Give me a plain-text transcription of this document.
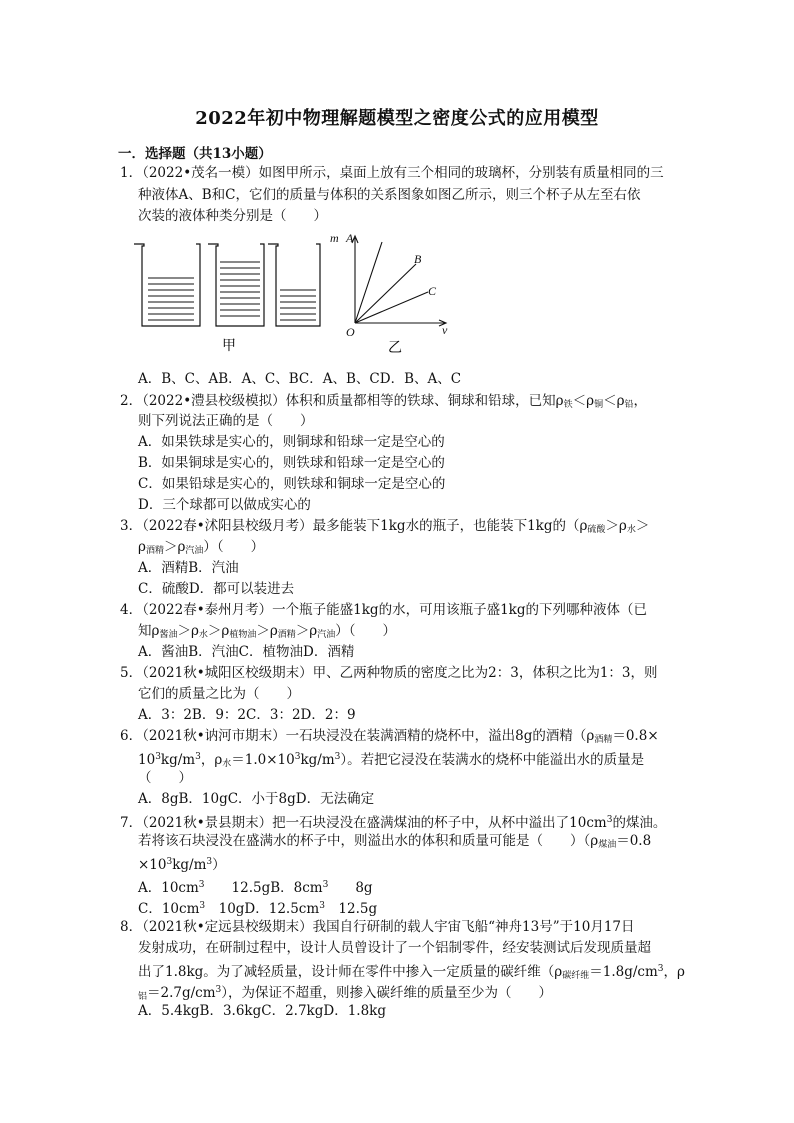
2022年初中物理解题模型之密度公式的应用模型
一．选择题（共13小题）
1．（2022•茂名一模）如图甲所示，桌面上放有三个相同的玻璃杯，分别装有质量相同的三
种液体A、B和C，它们的质量与体积的关系图象如图乙所示，则三个杯子从左至右依
次装的液体种类分别是（　　）
甲
m
O	v
A
B
C
乙
A．B、C、AB．A、C、BC．A、B、CD．B、A、C
2．（2022•澧县校级模拟）体积和质量都相等的铁球、铜球和铅球，已知$\rho_铁<\rho_铜<\rho_铅$，
则下列说法正确的是（　　）
A．如果铁球是实心的，则铜球和铅球一定是空心的
B．如果铜球是实心的，则铁球和铅球一定是空心的
C．如果铅球是实心的，则铁球和铜球一定是空心的
D．三个球都可以做成实心的
3．（2022春•沭阳县校级月考）最多能装下1kg水的瓶子，也能装下1kg的（$\rho_{硫酸}>\rho_水>$
$\rho_{酒精}>\rho_{汽油}$）（　　）
A．酒精B．汽油
C．硫酸D．都可以装进去
4．（2022春•泰州月考）一个瓶子能盛1kg的水，可用该瓶子盛1kg的下列哪种液体（已
知$\rho_{酱油}>\rho_水>\rho_{植物油}>\rho_{酒精}>\rho_{汽油}$）（　　）
A．酱油B．汽油C．植物油D．酒精
5．（2021秋•城阳区校级期末）甲、乙两种物质的密度之比为2：3，体积之比为1：3，则
它们的质量之比为（　　）
A．3：2B．9：2C．3：2D．2：9
6．（2021秋•讷河市期末）一石块浸没在装满酒精的烧杯中，溢出8g的酒精（$\rho_{酒精}=0.8\times$
$10^3kg/m^3$，$\rho_水=1.0\times 10^3kg/m^3$）。若把它浸没在装满水的烧杯中能溢出水的质量是
（　　）
A．8gB．10gC．小于8gD．无法确定
7．（2021秋•景县期末）把一石块浸没在盛满煤油的杯子中，从杯中溢出了$10cm^3$的煤油。
若将该石块浸没在盛满水的杯子中，则溢出水的体积和质量可能是（　　）（$\rho_{煤油}=0.8$
$\times 10^3kg/m^3$）
A．$10cm^3$　　12.5gB．$8cm^3$　　8g
C．$10cm^3$　10gD．$12.5cm^3$　12.5g
8．（2021秋•定远县校级期末）我国自行研制的载人宇宙飞船“神舟13号”于10月17日
发射成功，在研制过程中，设计人员曾设计了一个铝制零件，经安装测试后发现质量超
出了1.8kg。为了减轻质量，设计师在零件中掺入一定质量的碳纤维（$\rho_{碳纤维}=1.8g/cm^3$，ρ
$_铝=2.7g/cm^3$），为保证不超重，则掺入碳纤维的质量至少为（　　）
A．5.4kgB．3.6kgC．2.7kgD．1.8kg
